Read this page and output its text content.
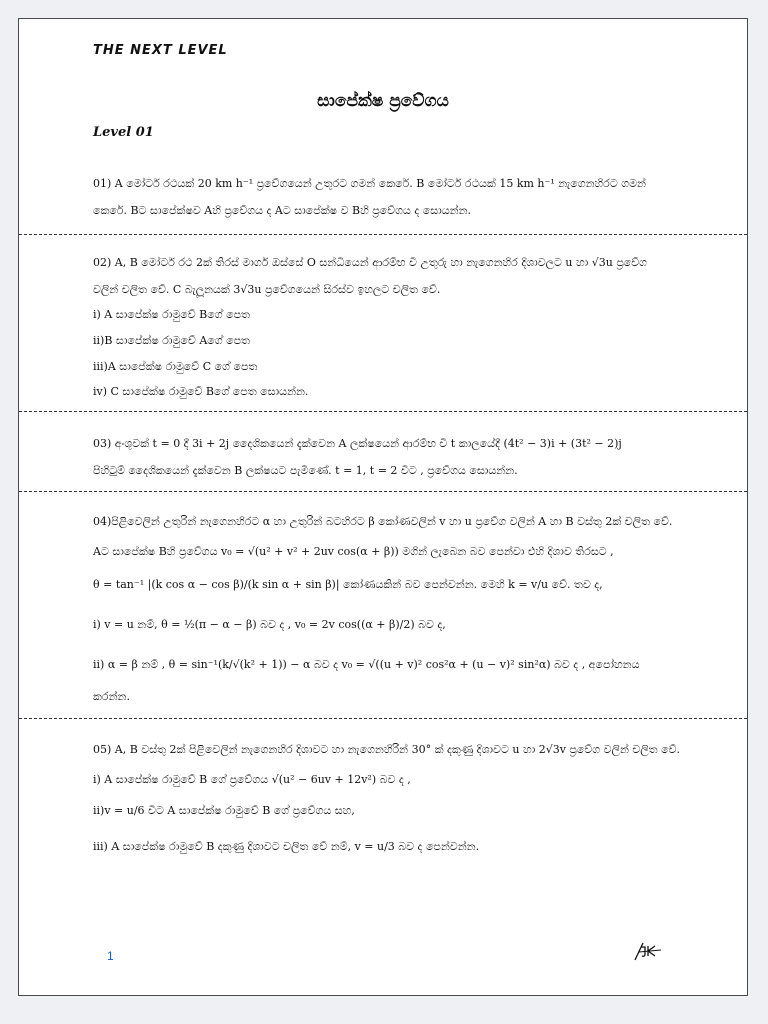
THE NEXT LEVEL
සාපේක්ෂ ප්‍රවේගය
Level 01
01) A මෝටර් රථයක් 20 km h⁻¹ ප්‍රවේගයෙන් උතුරට ගමන් කෙරේ. B මෝටර් රථයක් 15 km h⁻¹ නැගෙනහිරට ගමන්
කෙරේ. Bට සාපේක්ෂව Aහි ප්‍රවේගය ද Aට සාපේක්ෂ ව Bහි ප්‍රවේගය ද සොයන්න.
02) A, B මෝටර් රථ 2ක් තිරස් මාර්ග ඔස්සේ O සන්ධියෙන් ආරම්භ වී උතුරු හා නැගෙනහිර දිශාවලට u හා √3u ප්‍රවේග
වලින් චලිත වේ. C බැලූනයක් 3√3u ප්‍රවේගයෙන් සිරස්ව ඉහලට චලිත වේ.
i) A සාපේක්ෂ ‍රාමුවේ Bගේ පෙත
ii)B සාපේක්ෂ රාමුවේ Aගේ පෙත
iii)A සාපේක්ෂ රාමුවේ C ගේ පෙත
iv) C සාපේක්ෂ රාමුවේ Bගේ පෙත සොයන්න.
03) අංශුවක් t = 0 දී 3i + 2j දෛශිකයෙන් දැක්වෙන A ලක්ෂයෙන් ආරම්භ වී t කාලයේදී (4t² − 3)i + (3t² − 2)j
පිහිටුම් දෛශිකයෙන් දැක්වෙන B ලක්ෂයට පැමිණේ. t = 1, t = 2 විට , ප්‍රවේගය සොයන්න.
04)පිළිවෙලින් උතුරින් නැගෙනහිරට α හා උතුරින් බටහිරට β කෝණවලින් v හා u ප්‍රවේග වලින් A හා B වස්තු 2ක් චලිත වේ.
Aට සාපේක්ෂ Bහි ප්‍රවේගය v₀ = √(u² + v² + 2uv cos(α + β)) මගින් ලැබෙන බව පෙන්වා එහි දිශාව තිරසට ,
θ = tan⁻¹ |(k cos α − cos β)/(k sin α + sin β)| කෝණයකින් බව පෙන්වන්න. මෙහි k = v/u වේ. තව ද,
i) v = u නම්, θ = ½(π − α − β) බව ද , v₀ = 2v cos((α + β)/2) බව ද,
ii) α = β නම් , θ = sin⁻¹(k/√(k² + 1)) − α බව ද v₀ = √((u + v)² cos²α + (u − v)² sin²α) බව ද , අපෝහනය
කරන්න.
05) A, B වස්තු 2ක් පිළිවෙලින් නැගෙනහිර දිශාවට හා නැගෙනහිරින් 30° ක් දකුණු දිශාවට u හා 2√3v ප්‍රවේග වලින් චලිත වේ.
i) A සාපේක්ෂ රාමුවේ B ගේ ප්‍රවේගය √(u² − 6uv + 12v²) බව ද ,
ii)v = u/6 විට A සාපේක්ෂ රාමුවේ B ගේ ප්‍රවේගය සහ,
iii) A සාපේක්ෂ රාමුවේ B දකුණු දිශාවට චලිත වේ නම්, v = u/3 බව ද පෙන්වන්න.
1
